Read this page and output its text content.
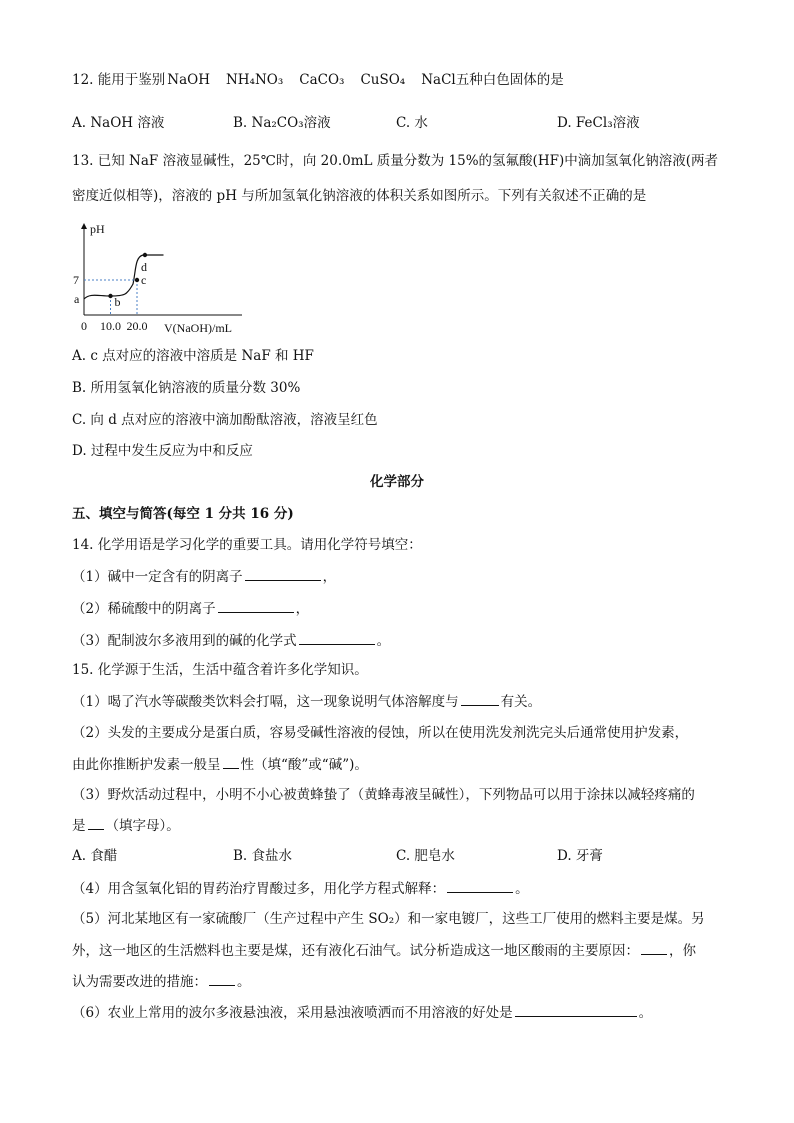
12. 能用于鉴别 NaOH NH₄NO₃ CaCO₃ CuSO₄ NaCl五种白色固体的是
A. NaOH 溶液	B. Na₂CO₃溶液	C. 水	D. FeCl₃溶液
13. 已知 NaF 溶液显碱性，25℃时，向 20.0mL 质量分数为 15%的氢氟酸(HF)中滴加氢氧化钠溶液(两者
密度近似相等)，溶液的 pH 与所加氢氧化钠溶液的体积关系如图所示。下列有关叙述不正确的是
pH
V(NaOH)/mL
0 10.0 20.0
7
a	b
c
d
A. c 点对应的溶液中溶质是 NaF 和 HF
B. 所用氢氧化钠溶液的质量分数 30%
C. 向 d 点对应的溶液中滴加酚酞溶液，溶液呈红色
D. 过程中发生反应为中和反应
化学部分
五、填空与简答(每空 1 分共 16 分)
14. 化学用语是学习化学的重要工具。请用化学符号填空：
（1）碱中一定含有的阴离子	，
（2）稀硫酸中的阴离子	，
（3）配制波尔多液用到的碱的化学式	。
15. 化学源于生活，生活中蕴含着许多化学知识。
（1）喝了汽水等碳酸类饮料会打嗝，这一现象说明气体溶解度与	有关。
（2）头发的主要成分是蛋白质，容易受碱性溶液的侵蚀，所以在使用洗发剂洗完头后通常使用护发素，
由此你推断护发素一般呈 性（填“酸”或“碱”)。
（3）野炊活动过程中，小明不小心被黄蜂蛰了（黄蜂毒液呈碱性），下列物品可以用于涂抹以减轻疼痛的
是 （填字母）。
A. 食醋	B. 食盐水	C. 肥皂水	D. 牙膏
（4）用含氢氧化铝的胃药治疗胃酸过多，用化学方程式解释：	。
（5）河北某地区有一家硫酸厂（生产过程中产生 SO₂）和一家电镀厂，这些工厂使用的燃料主要是煤。另
外，这一地区的生活燃料也主要是煤，还有液化石油气。试分析造成这一地区酸雨的主要原因： ，你
认为需要改进的措施： 。
（6）农业上常用的波尔多液悬浊液，采用悬浊液喷洒而不用溶液的好处是	。
